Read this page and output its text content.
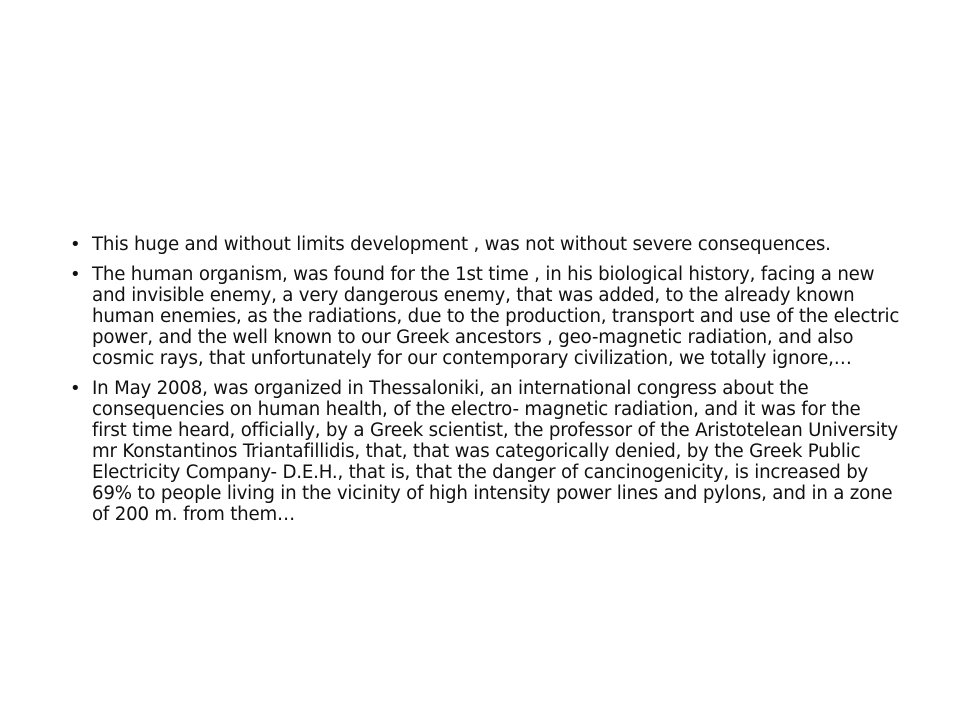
• This huge and without limits development , was not without severe consequences.
• The human organism, was found for the 1st time , in his biological history, facing a new and invisible enemy, a very dangerous enemy, that was added, to the already known human enemies, as the radiations, due to the production, transport and use of the electric power, and the well known to our Greek ancestors , geo-magnetic radiation, and also cosmic rays, that unfortunately for our contemporary civilization, we totally ignore,…
• In May 2008, was organized in Thessaloniki, an international congress about the consequencies on human health, of the electro- magnetic radiation, and it was for the first time heard, officially, by a Greek scientist, the professor of the Aristotelean University mr Konstantinos Triantafillidis, that, that was categorically denied, by the Greek Public Electricity Company- D.E.H., that is, that the danger of cancinogenicity, is increased by 69% to people living in the vicinity of high intensity power lines and pylons, and in a zone of 200 m. from them…
